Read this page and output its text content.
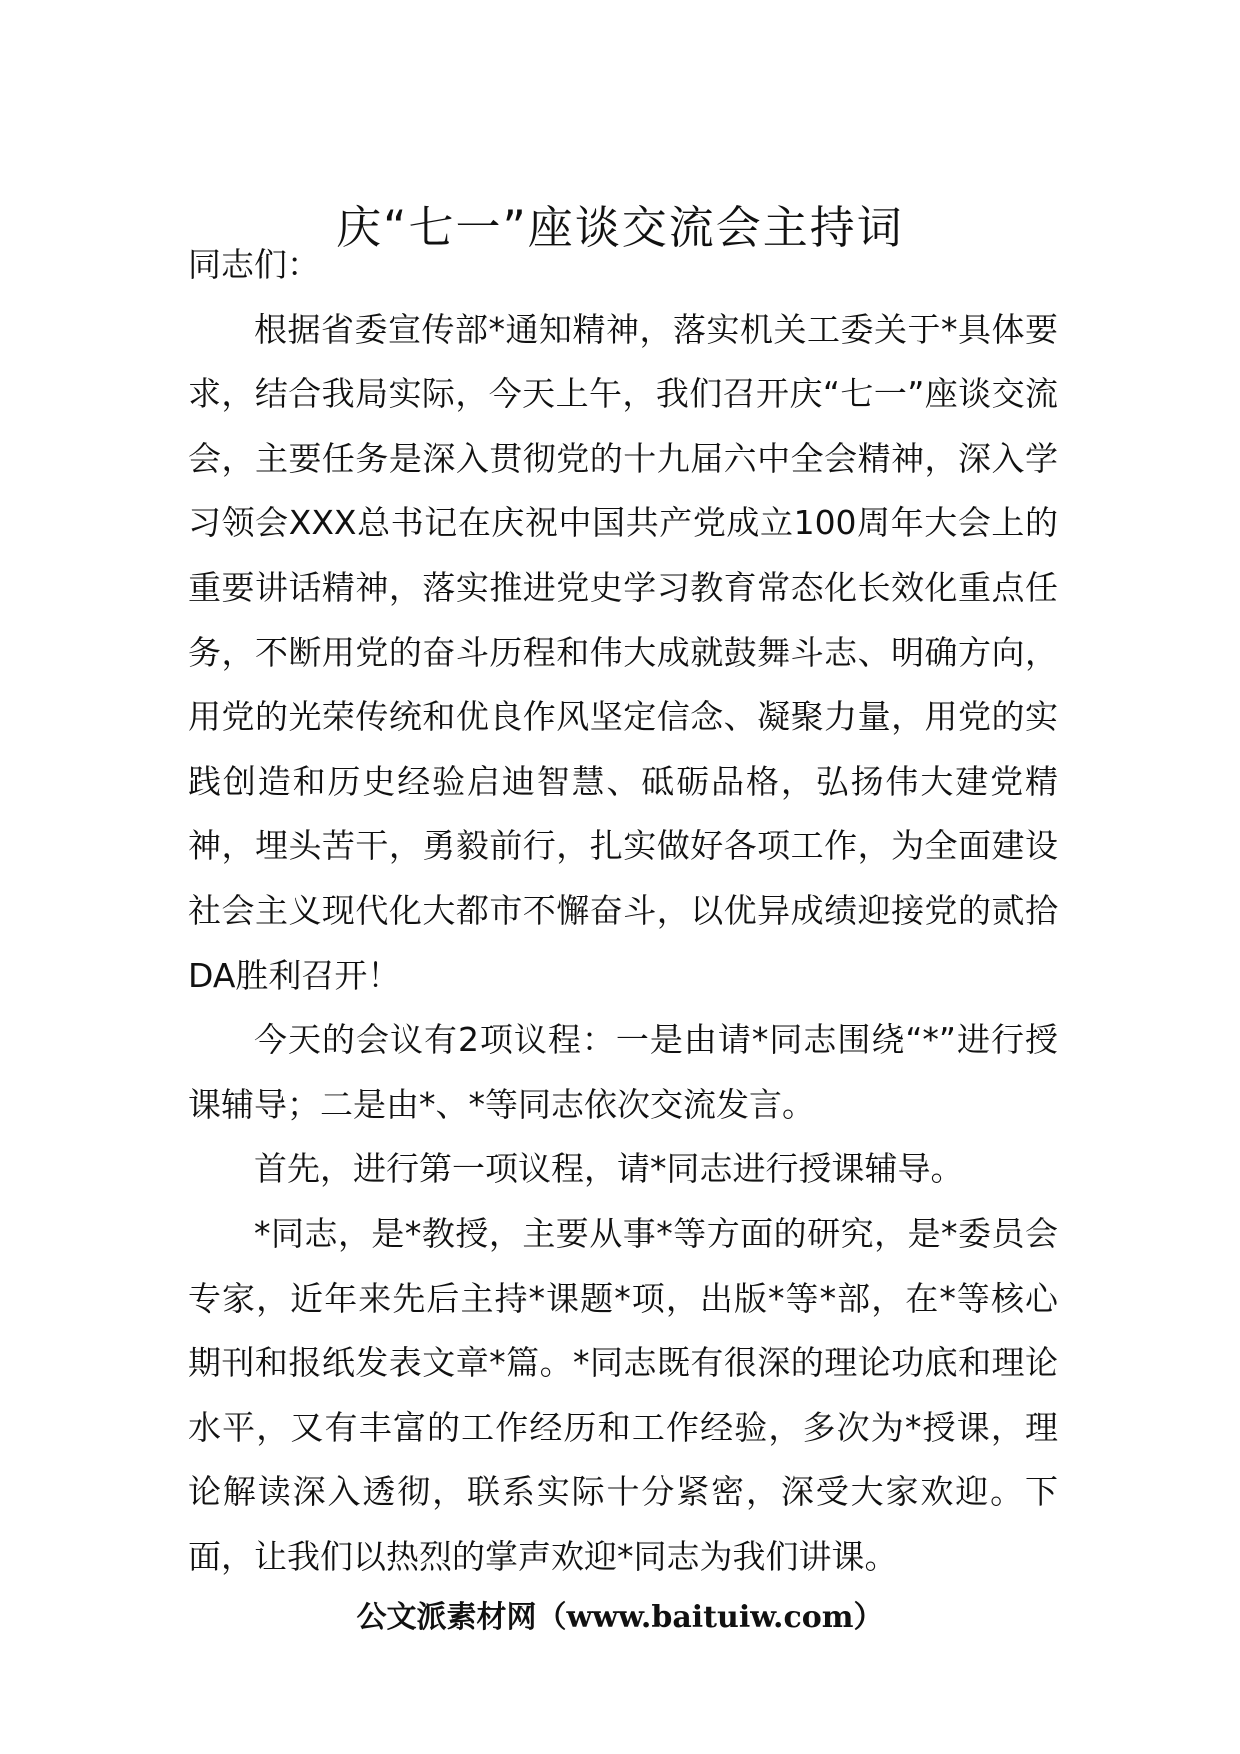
庆“七一”座谈交流会主持词

同志们：

根据省委宣传部*通知精神，落实机关工委关于*具体要求，结合我局实际，今天上午，我们召开庆“七一”座谈交流会，主要任务是深入贯彻党的十九届六中全会精神，深入学习领会XXX总书记在庆祝中国共产党成立100周年大会上的重要讲话精神，落实推进党史学习教育常态化长效化重点任务，不断用党的奋斗历程和伟大成就鼓舞斗志、明确方向，用党的光荣传统和优良作风坚定信念、凝聚力量，用党的实践创造和历史经验启迪智慧、砥砺品格，弘扬伟大建党精神，埋头苦干，勇毅前行，扎实做好各项工作，为全面建设社会主义现代化大都市不懈奋斗，以优异成绩迎接党的贰拾DA胜利召开！

今天的会议有2项议程：一是由请*同志围绕“*”进行授课辅导；二是由*、*等同志依次交流发言。

首先，进行第一项议程，请*同志进行授课辅导。

*同志，是*教授，主要从事*等方面的研究，是*委员会专家，近年来先后主持*课题*项，出版*等*部，在*等核心期刊和报纸发表文章*篇。*同志既有很深的理论功底和理论水平，又有丰富的工作经历和工作经验，多次为*授课，理论解读深入透彻，联系实际十分紧密，深受大家欢迎。下面，让我们以热烈的掌声欢迎*同志为我们讲课。

公文派素材网（www.baituiw.com）
